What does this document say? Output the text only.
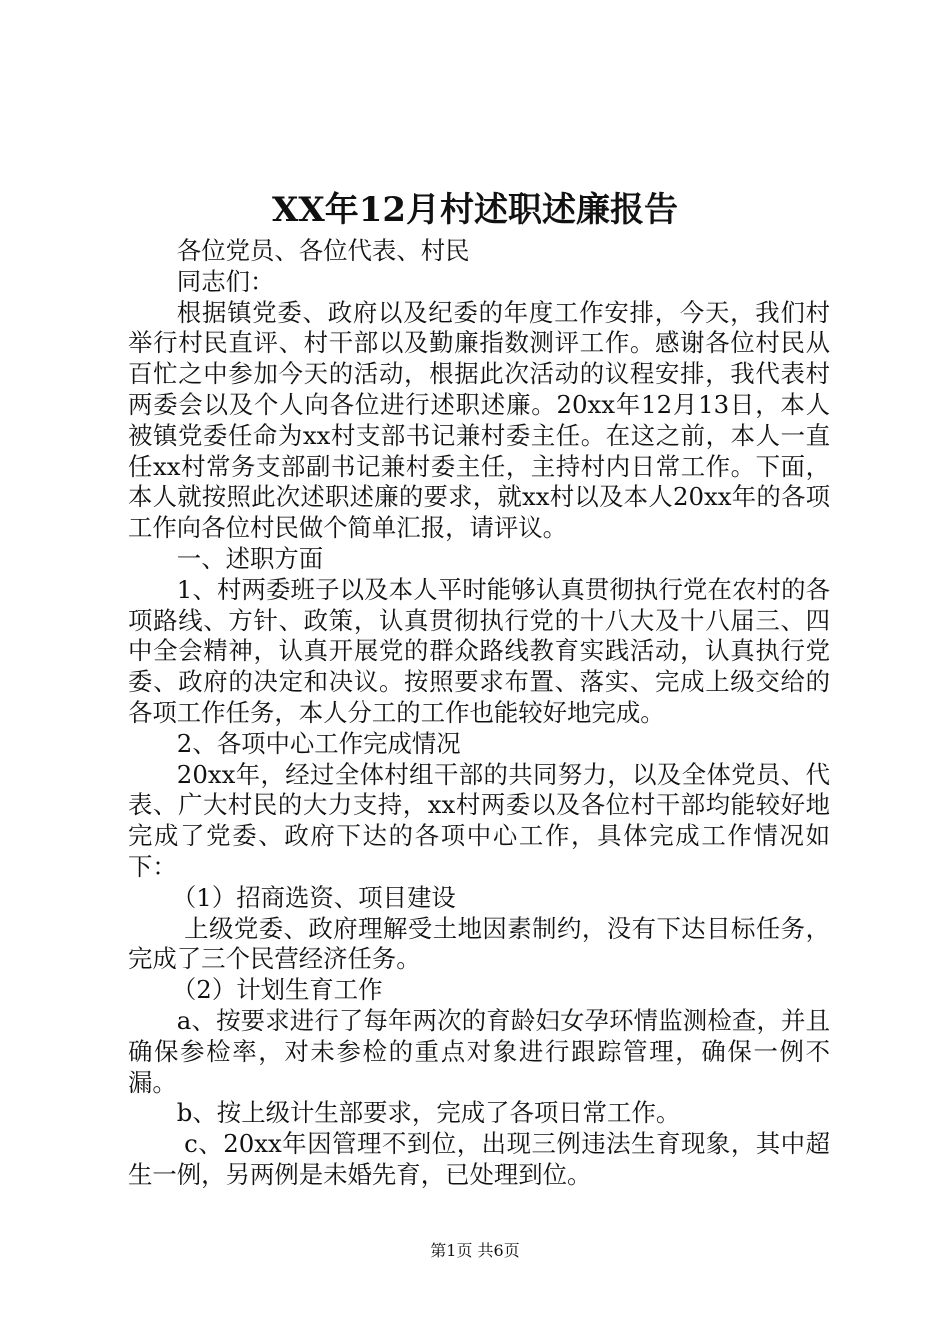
XX年12月村述职述廉报告

各位党员、各位代表、村民

同志们：

根据镇党委、政府以及纪委的年度工作安排，今天，我们村举行村民直评、村干部以及勤廉指数测评工作。感谢各位村民从百忙之中参加今天的活动，根据此次活动的议程安排，我代表村两委会以及个人向各位进行述职述廉。20xx年12月13日，本人被镇党委任命为xx村支部书记兼村委主任。在这之前，本人一直任xx村常务支部副书记兼村委主任，主持村内日常工作。下面，本人就按照此次述职述廉的要求，就xx村以及本人20xx年的各项工作向各位村民做个简单汇报，请评议。

一、述职方面

1、村两委班子以及本人平时能够认真贯彻执行党在农村的各项路线、方针、政策，认真贯彻执行党的十八大及十八届三、四中全会精神，认真开展党的群众路线教育实践活动，认真执行党委、政府的决定和决议。按照要求布置、落实、完成上级交给的各项工作任务，本人分工的工作也能较好地完成。

2、各项中心工作完成情况

20xx年，经过全体村组干部的共同努力，以及全体党员、代表、广大村民的大力支持，xx村两委以及各位村干部均能较好地完成了党委、政府下达的各项中心工作，具体完成工作情况如下：

（1）招商选资、项目建设

上级党委、政府理解受土地因素制约，没有下达目标任务，完成了三个民营经济任务。

（2）计划生育工作

a、按要求进行了每年两次的育龄妇女孕环情监测检查，并且确保参检率，对未参检的重点对象进行跟踪管理，确保一例不漏。

b、按上级计生部要求，完成了各项日常工作。

c、20xx年因管理不到位，出现三例违法生育现象，其中超生一例，另两例是未婚先育，已处理到位。

第1页 共6页
